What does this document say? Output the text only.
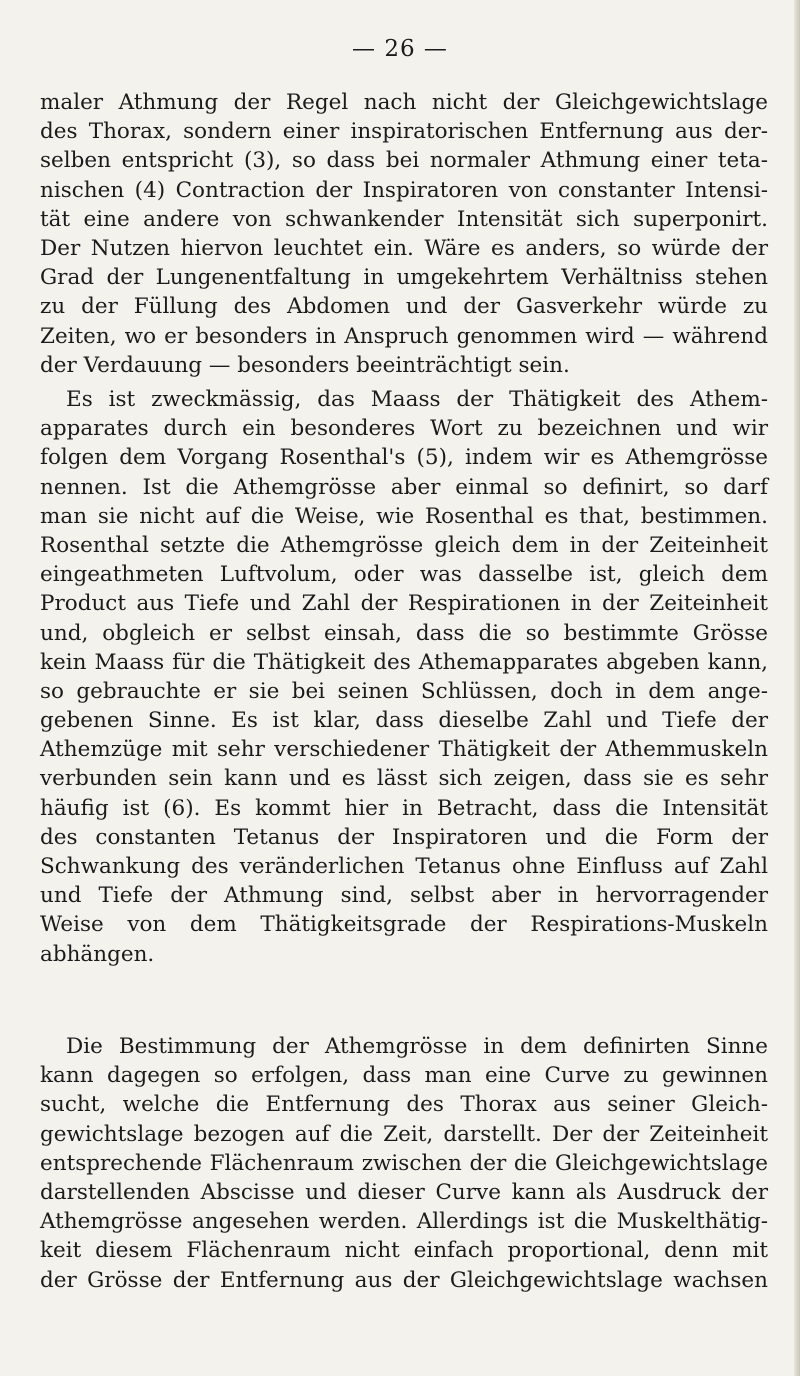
— 26 —
maler Athmung der Regel nach nicht der Gleichgewichtslage
des Thorax, sondern einer inspiratorischen Entfernung aus der-
selben entspricht (3), so dass bei normaler Athmung einer teta-
nischen (4) Contraction der Inspiratoren von constanter Intensi-
tät eine andere von schwankender Intensität sich superponirt.
Der Nutzen hiervon leuchtet ein. Wäre es anders, so würde der
Grad der Lungenentfaltung in umgekehrtem Verhältniss stehen
zu der Füllung des Abdomen und der Gasverkehr würde zu
Zeiten, wo er besonders in Anspruch genommen wird — während
der Verdauung — besonders beeinträchtigt sein.
Es ist zweckmässig, das Maass der Thätigkeit des Athem-
apparates durch ein besonderes Wort zu bezeichnen und wir
folgen dem Vorgang Rosenthal's (5), indem wir es Athemgrösse
nennen. Ist die Athemgrösse aber einmal so definirt, so darf
man sie nicht auf die Weise, wie Rosenthal es that, bestimmen.
Rosenthal setzte die Athemgrösse gleich dem in der Zeiteinheit
eingeathmeten Luftvolum, oder was dasselbe ist, gleich dem
Product aus Tiefe und Zahl der Respirationen in der Zeiteinheit
und, obgleich er selbst einsah, dass die so bestimmte Grösse
kein Maass für die Thätigkeit des Athemapparates abgeben kann,
so gebrauchte er sie bei seinen Schlüssen, doch in dem ange-
gebenen Sinne. Es ist klar, dass dieselbe Zahl und Tiefe der
Athemzüge mit sehr verschiedener Thätigkeit der Athemmuskeln
verbunden sein kann und es lässt sich zeigen, dass sie es sehr
häufig ist (6). Es kommt hier in Betracht, dass die Intensität
des constanten Tetanus der Inspiratoren und die Form der
Schwankung des veränderlichen Tetanus ohne Einfluss auf Zahl
und Tiefe der Athmung sind, selbst aber in hervorragender
Weise von dem Thätigkeitsgrade der Respirations-Muskeln
abhängen.
Die Bestimmung der Athemgrösse in dem definirten Sinne
kann dagegen so erfolgen, dass man eine Curve zu gewinnen
sucht, welche die Entfernung des Thorax aus seiner Gleich-
gewichtslage bezogen auf die Zeit, darstellt. Der der Zeiteinheit
entsprechende Flächenraum zwischen der die Gleichgewichtslage
darstellenden Abscisse und dieser Curve kann als Ausdruck der
Athemgrösse angesehen werden. Allerdings ist die Muskelthätig-
keit diesem Flächenraum nicht einfach proportional, denn mit
der Grösse der Entfernung aus der Gleichgewichtslage wachsen
